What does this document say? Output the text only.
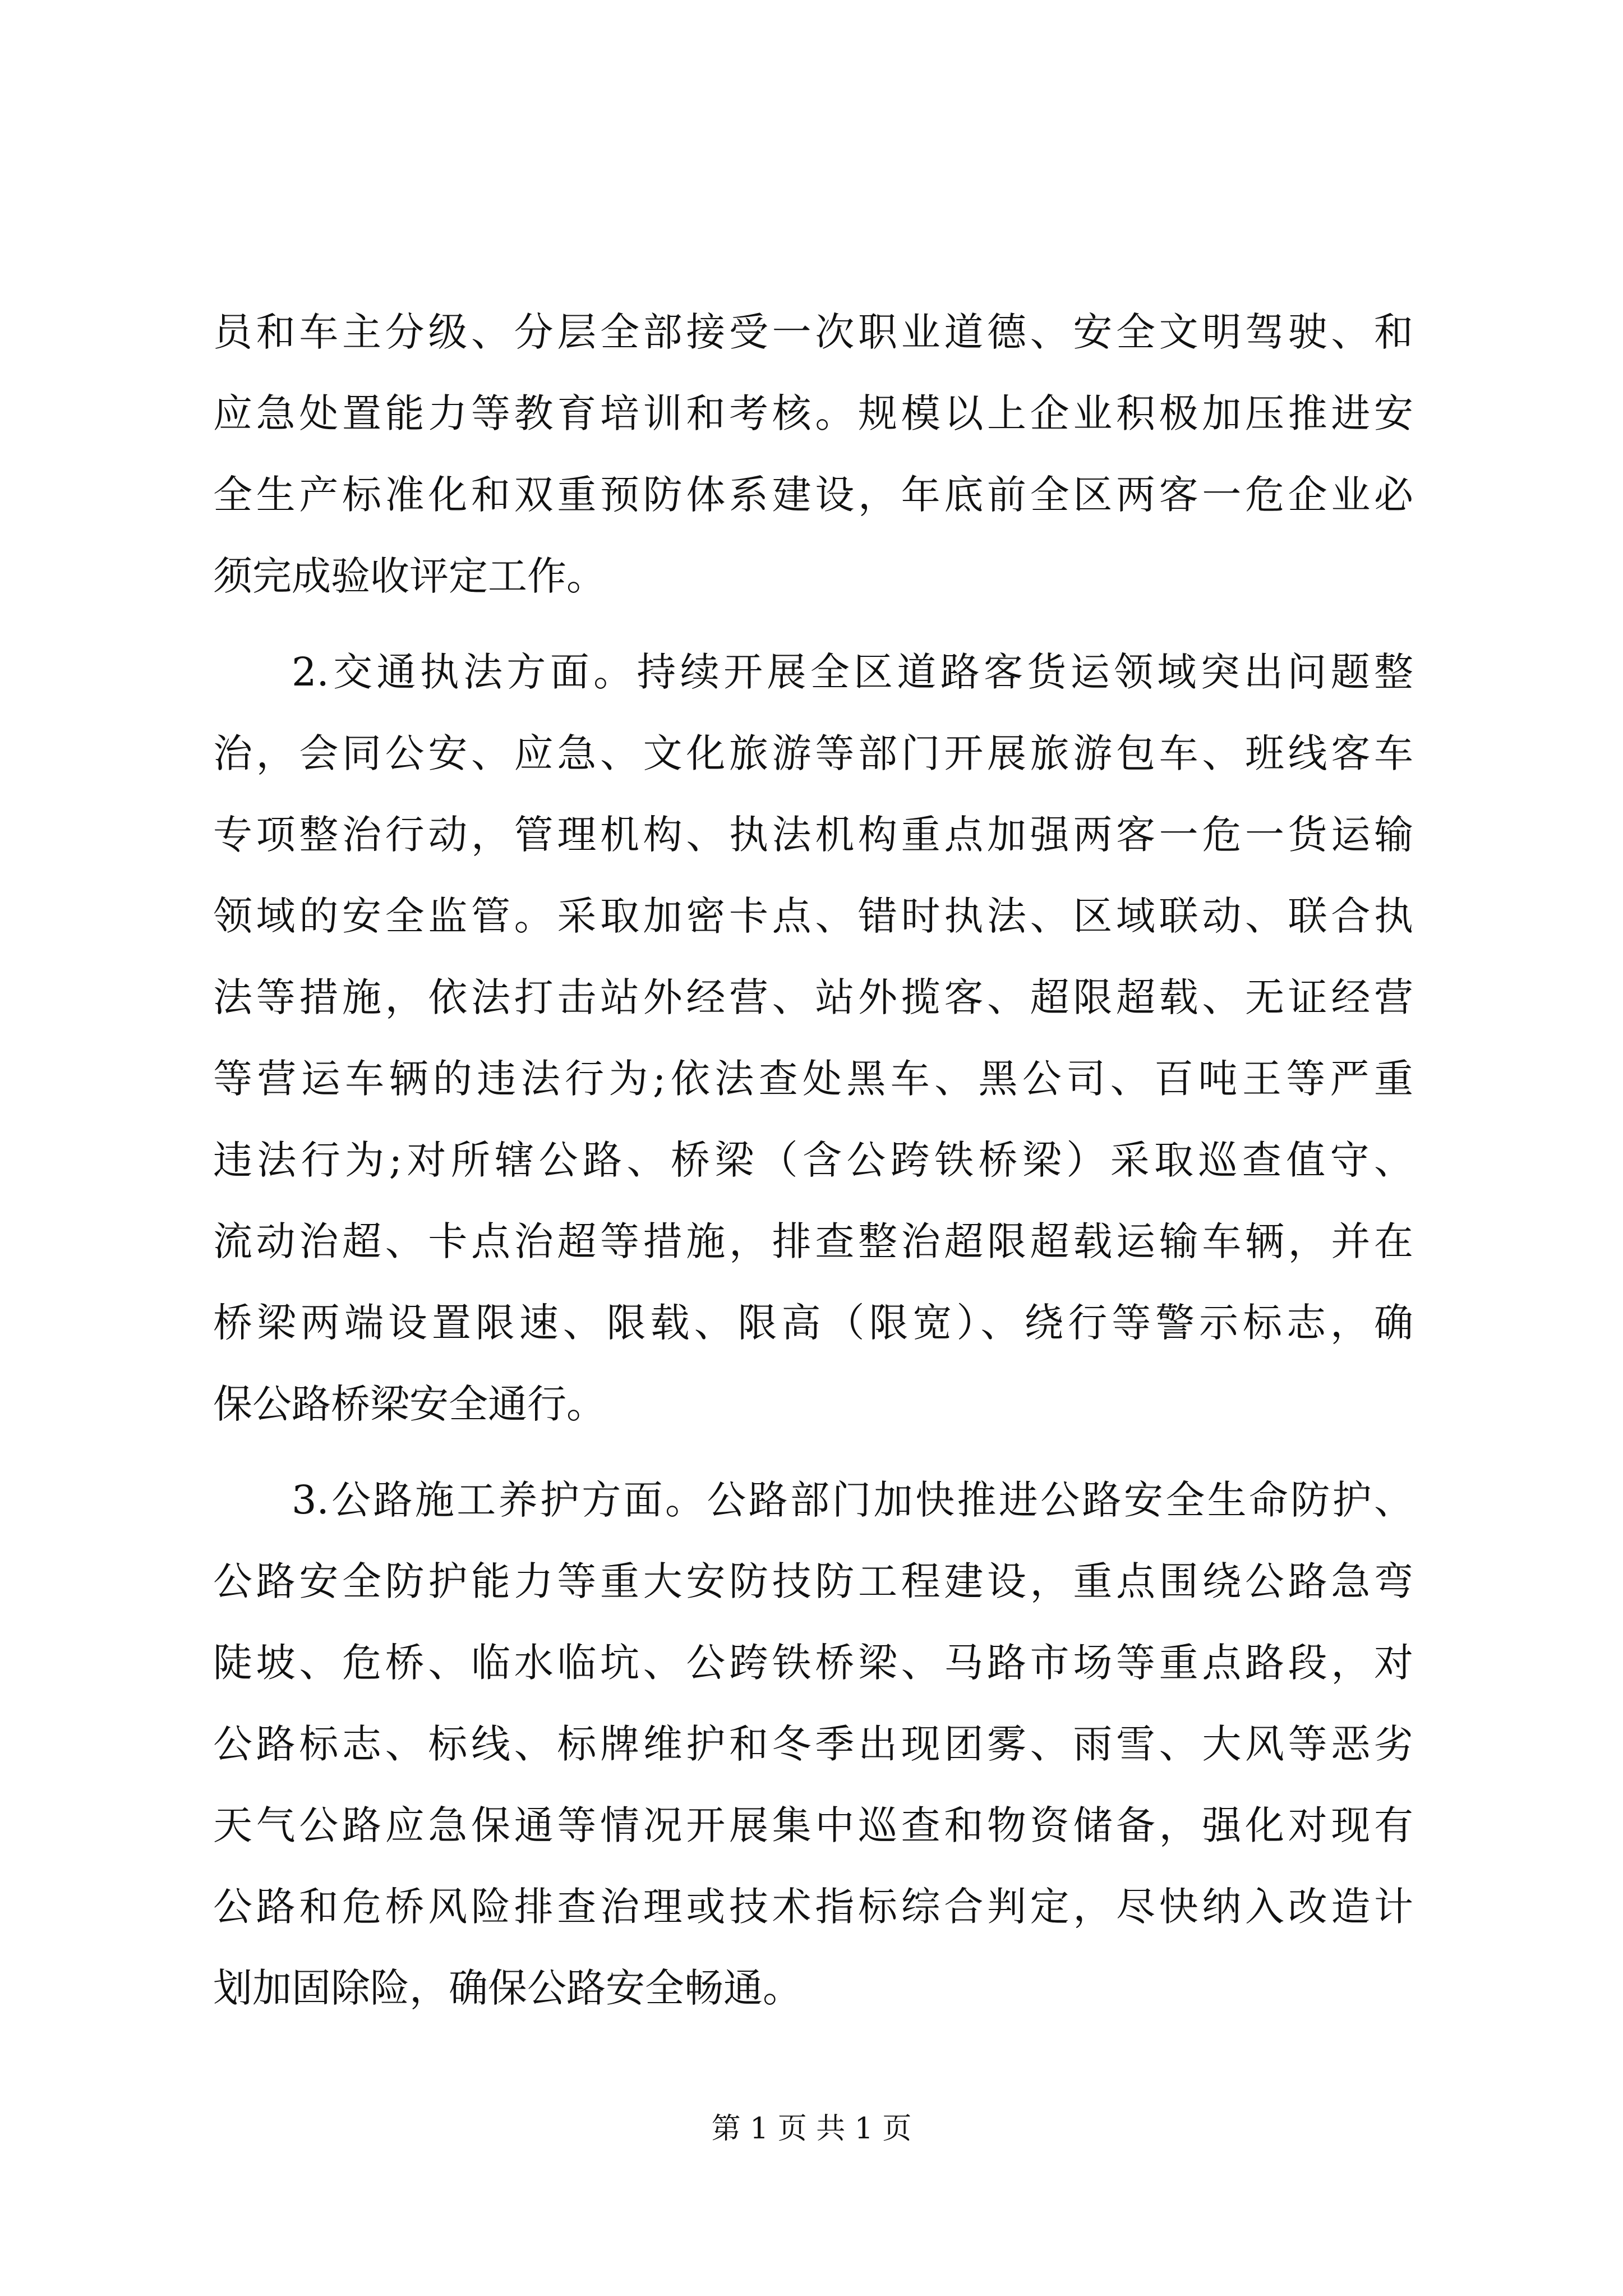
员和车主分级、分层全部接受一次职业道德、安全文明驾驶、和
应急处置能力等教育培训和考核。规模以上企业积极加压推进安
全生产标准化和双重预防体系建设，年底前全区两客一危企业必
须完成验收评定工作。
2.交通执法方面。持续开展全区道路客货运领域突出问题整
治，会同公安、应急、文化旅游等部门开展旅游包车、班线客车
专项整治行动，管理机构、执法机构重点加强两客一危一货运输
领域的安全监管。采取加密卡点、错时执法、区域联动、联合执
法等措施，依法打击站外经营、站外揽客、超限超载、无证经营
等营运车辆的违法行为;依法查处黑车、黑公司、百吨王等严重
违法行为;对所辖公路、桥梁（含公跨铁桥梁）采取巡查值守、
流动治超、卡点治超等措施，排查整治超限超载运输车辆，并在
桥梁两端设置限速、限载、限高（限宽）、绕行等警示标志，确
保公路桥梁安全通行。
3.公路施工养护方面。公路部门加快推进公路安全生命防护、
公路安全防护能力等重大安防技防工程建设，重点围绕公路急弯
陡坡、危桥、临水临坑、公跨铁桥梁、马路市场等重点路段，对
公路标志、标线、标牌维护和冬季出现团雾、雨雪、大风等恶劣
天气公路应急保通等情况开展集中巡查和物资储备，强化对现有
公路和危桥风险排查治理或技术指标综合判定，尽快纳入改造计
划加固除险，确保公路安全畅通。
第 1 页 共 1 页
